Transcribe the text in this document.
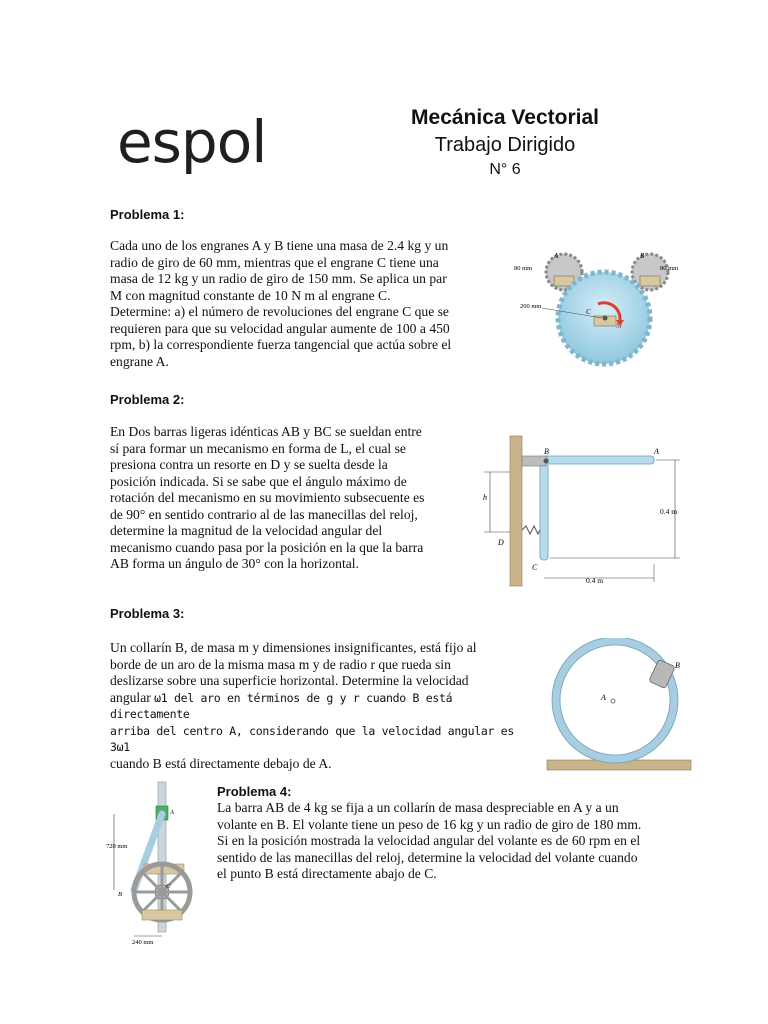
espol	Mecánica Vectorial

Trabajo Dirigido

N° 6

Problema 1:

Cada uno de los engranes A y B tiene una masa de 2.4 kg y un

radio de giro de 60 mm, mientras que el engrane C tiene una

masa de 12 kg y un radio de giro de 150 mm. Se aplica un par

M con magnitud constante de 10 N m al engrane C.

Determine: a) el número de revoluciones del engrane C que se

requieren para que su velocidad angular aumente de 100 a 450

rpm, b) la correspondiente fuerza tangencial que actúa sobre el

engrane A.

A	B
C
M
80 mm	80 mm
200 mm

Problema 2:

En Dos barras ligeras idénticas AB y BC se sueldan entre

sí para formar un mecanismo en forma de L, el cual se

presiona contra un resorte en D y se suelta desde la

posición indicada. Si se sabe que el ángulo máximo de

rotación del mecanismo en su movimiento subsecuente es

de 90° en sentido contrario al de las manecillas del reloj,

determine la magnitud de la velocidad angular del

mecanismo cuando pasa por la posición en la que la barra

AB forma un ángulo de 30° con la horizontal.

B	A
C
D
h
0.4 m
0.4 m

Problema 3:

Un collarín B, de masa m y dimensiones insignificantes, está fijo al

borde de un aro de la misma masa m y de radio r que rueda sin

deslizarse sobre una superficie horizontal. Determine la velocidad

angular ω1 del aro en términos de g y r cuando B está directamente

arriba del centro A, considerando que la velocidad angular es 3ω1

cuando B está directamente debajo de A.

A
B

Problema 4:

La barra AB de 4 kg se fija a un collarín de masa despreciable en A y a un

volante en B. El volante tiene un peso de 16 kg y un radio de giro de 180 mm.

Si en la posición mostrada la velocidad angular del volante es de 60 rpm en el

sentido de las manecillas del reloj, determine la velocidad del volante cuando

el punto B está directamente abajo de C.

A
B
C
720 mm
240 mm
